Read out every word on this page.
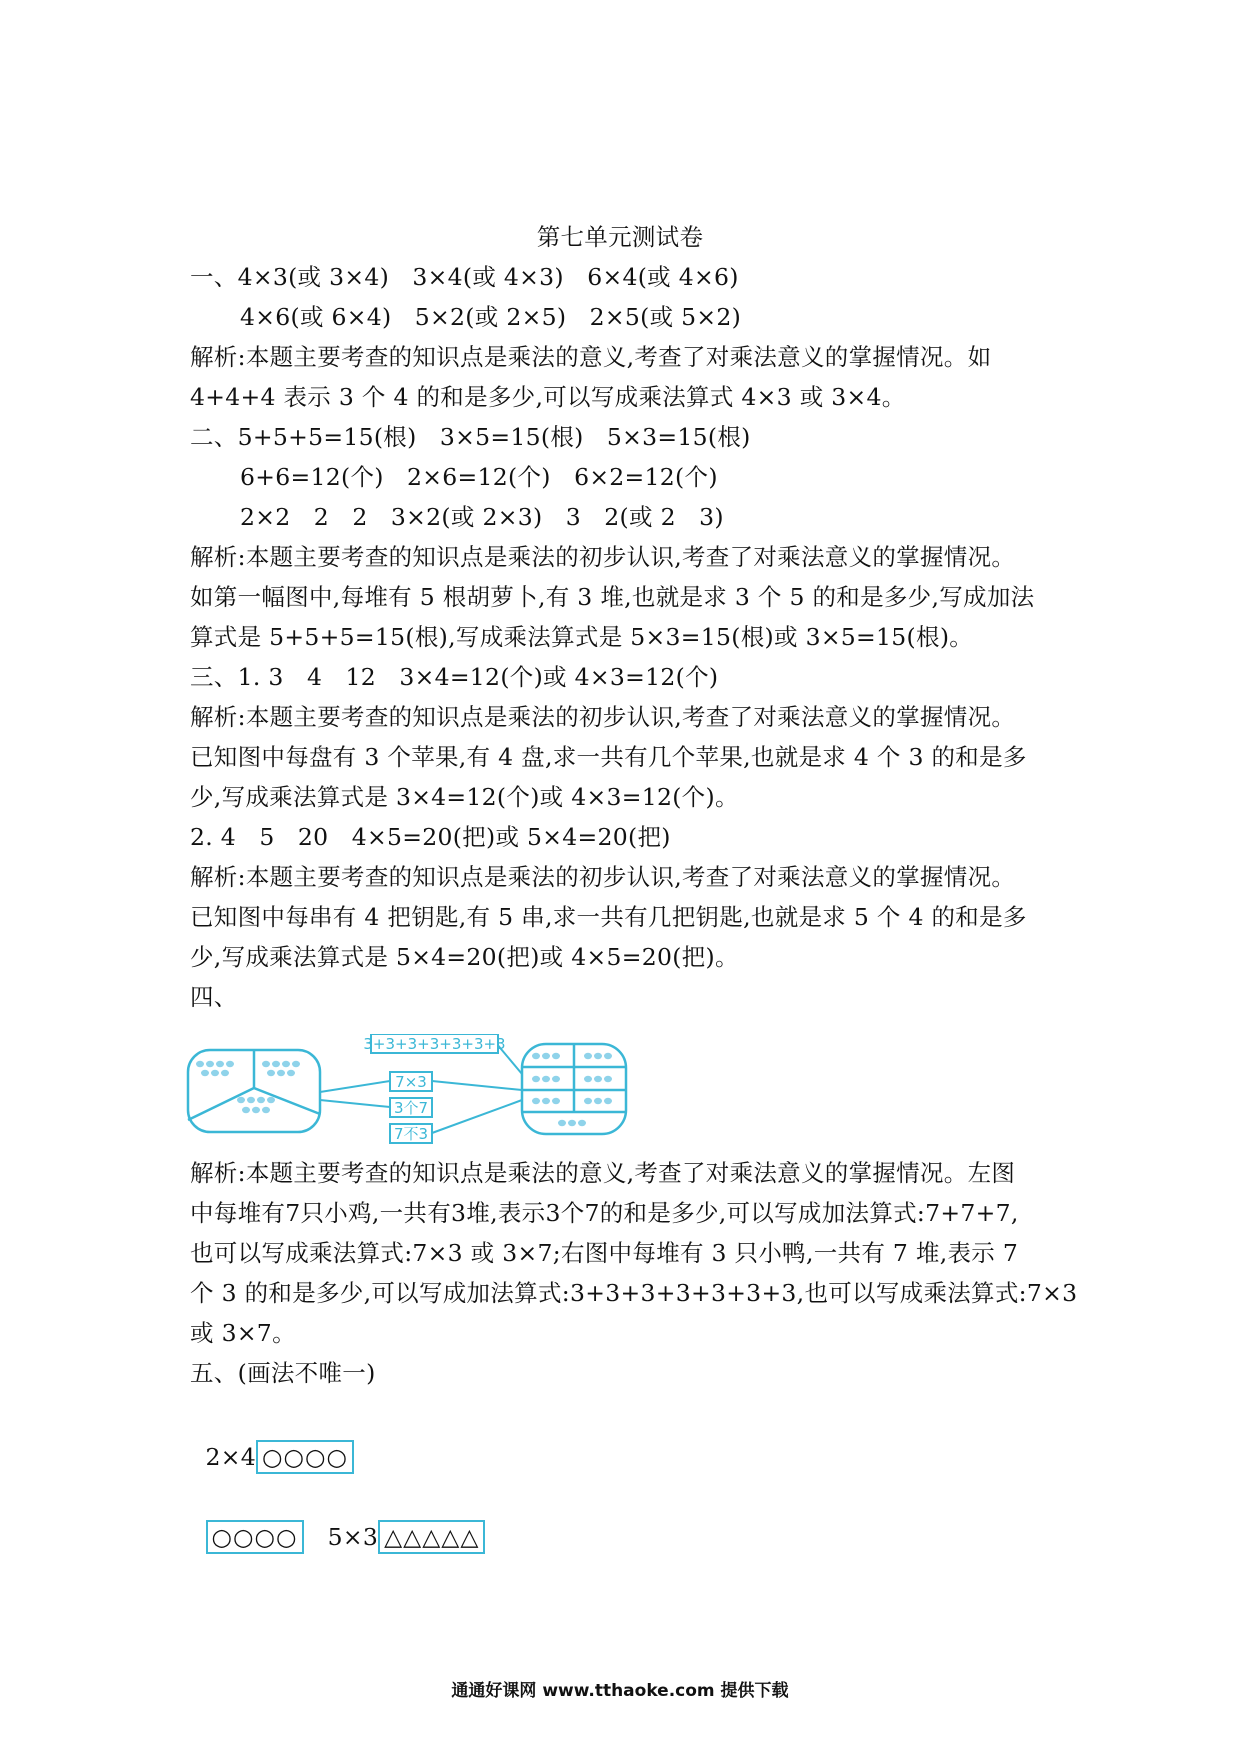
第七单元测试卷
一、4×3(或 3×4)   3×4(或 4×3)   6×4(或 4×6)
4×6(或 6×4)   5×2(或 2×5)   2×5(或 5×2)
解析:本题主要考查的知识点是乘法的意义,考查了对乘法意义的掌握情况。如
4+4+4 表示 3 个 4 的和是多少,可以写成乘法算式 4×3 或 3×4。
二、5+5+5=15(根)   3×5=15(根)   5×3=15(根)
6+6=12(个)   2×6=12(个)   6×2=12(个)
2×2   2   2   3×2(或 2×3)   3   2(或 2   3)
解析:本题主要考查的知识点是乘法的初步认识,考查了对乘法意义的掌握情况。
如第一幅图中,每堆有 5 根胡萝卜,有 3 堆,也就是求 3 个 5 的和是多少,写成加法
算式是 5+5+5=15(根),写成乘法算式是 5×3=15(根)或 3×5=15(根)。
三、1. 3   4   12   3×4=12(个)或 4×3=12(个)
解析:本题主要考查的知识点是乘法的初步认识,考查了对乘法意义的掌握情况。
已知图中每盘有 3 个苹果,有 4 盘,求一共有几个苹果,也就是求 4 个 3 的和是多
少,写成乘法算式是 3×4=12(个)或 4×3=12(个)。
2. 4   5   20   4×5=20(把)或 5×4=20(把)
解析:本题主要考查的知识点是乘法的初步认识,考查了对乘法意义的掌握情况。
已知图中每串有 4 把钥匙,有 5 串,求一共有几把钥匙,也就是求 5 个 4 的和是多
少,写成乘法算式是 5×4=20(把)或 4×5=20(把)。
四、
3+3+3+3+3+3+3
7×3
3个7
7不3
解析:本题主要考查的知识点是乘法的意义,考查了对乘法意义的掌握情况。左图
中每堆有7只小鸡,一共有3堆,表示3个7的和是多少,可以写成加法算式:7+7+7,
也可以写成乘法算式:7×3 或 3×7;右图中每堆有 3 只小鸭,一共有 7 堆,表示 7
个 3 的和是多少,可以写成加法算式:3+3+3+3+3+3+3,也可以写成乘法算式:7×3
或 3×7。
五、(画法不唯一)

2×4 ○○○○

○○○○ 5×3 △△△△△

通通好课网 www.tthaoke.com 提供下载
